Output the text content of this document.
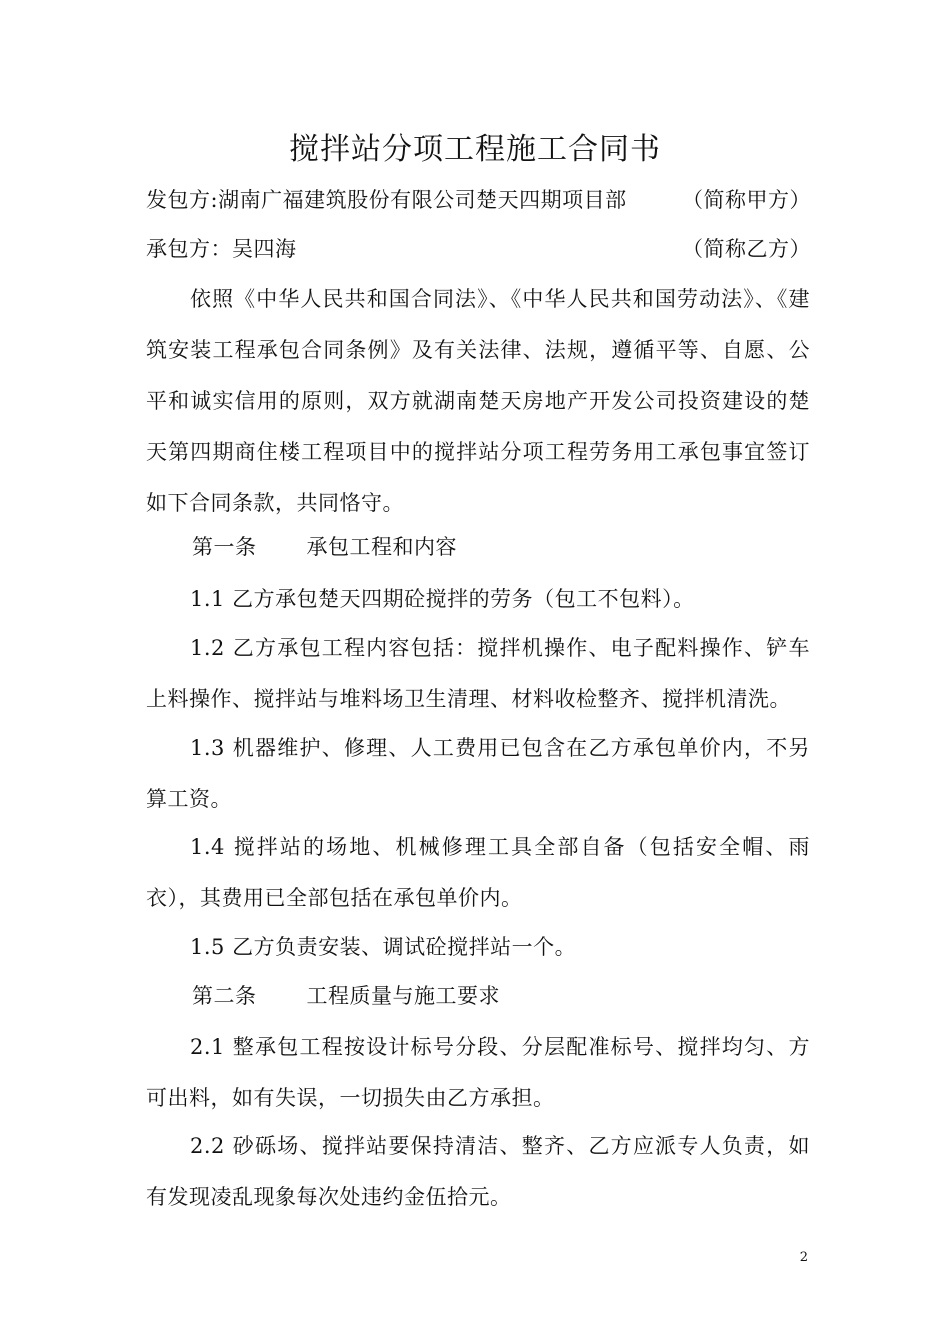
搅拌站分项工程施工合同书
发包方:湖南广福建筑股份有限公司楚天四期项目部	（简称甲方）
承包方：吴四海	（简称乙方）
依照《中华人民共和国合同法》、《中华人民共和国劳动法》、《建筑安装工程承包合同条例》及有关法律、法规，遵循平等、自愿、公平和诚实信用的原则，双方就湖南楚天房地产开发公司投资建设的楚天第四期商住楼工程项目中的搅拌站分项工程劳务用工承包事宜签订如下合同条款，共同恪守。
第一条 承包工程和内容
1.1 乙方承包楚天四期砼搅拌的劳务（包工不包料）。
1.2 乙方承包工程内容包括：搅拌机操作、电子配料操作、铲车上料操作、搅拌站与堆料场卫生清理、材料收检整齐、搅拌机清洗。
1.3 机器维护、修理、人工费用已包含在乙方承包单价内，不另算工资。
1.4 搅拌站的场地、机械修理工具全部自备（包括安全帽、雨衣），其费用已全部包括在承包单价内。
1.5 乙方负责安装、调试砼搅拌站一个。
第二条 工程质量与施工要求
2.1 整承包工程按设计标号分段、分层配准标号、搅拌均匀、方可出料，如有失误，一切损失由乙方承担。
2.2 砂砾场、搅拌站要保持清洁、整齐、乙方应派专人负责，如有发现凌乱现象每次处违约金伍拾元。
2
